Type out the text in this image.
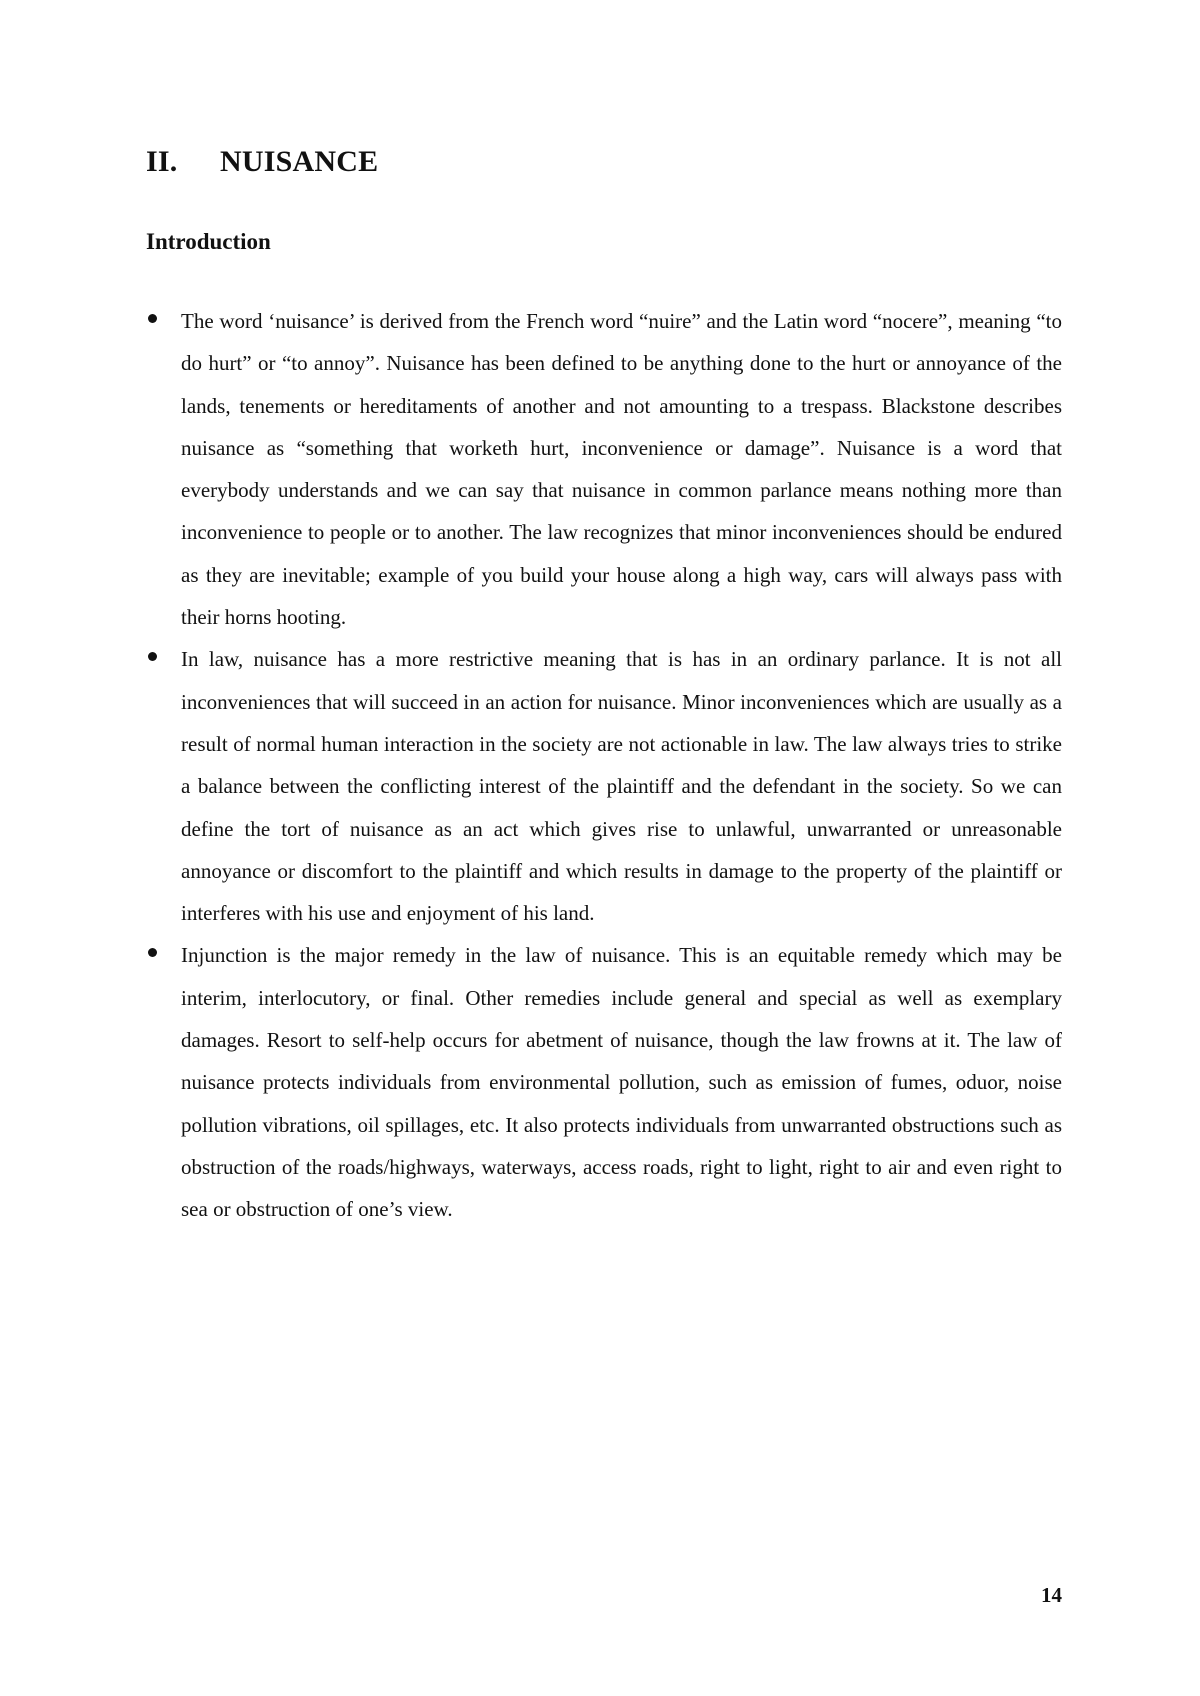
II. NUISANCE
Introduction
The word ‘nuisance’ is derived from the French word “nuire” and the Latin word “nocere”, meaning “to do hurt” or “to annoy”. Nuisance has been defined to be anything done to the hurt or annoyance of the lands, tenements or hereditaments of another and not amounting to a trespass. Blackstone describes nuisance as “something that worketh hurt, inconvenience or damage”. Nuisance is a word that everybody understands and we can say that nuisance in common parlance means nothing more than inconvenience to people or to another. The law recognizes that minor inconveniences should be endured as they are inevitable; example of you build your house along a high way, cars will always pass with their horns hooting.
In law, nuisance has a more restrictive meaning that is has in an ordinary parlance. It is not all inconveniences that will succeed in an action for nuisance. Minor inconveniences which are usually as a result of normal human interaction in the society are not actionable in law. The law always tries to strike a balance between the conflicting interest of the plaintiff and the defendant in the society. So we can define the tort of nuisance as an act which gives rise to unlawful, unwarranted or unreasonable annoyance or discomfort to the plaintiff and which results in damage to the property of the plaintiff or interferes with his use and enjoyment of his land.
Injunction is the major remedy in the law of nuisance. This is an equitable remedy which may be interim, interlocutory, or final. Other remedies include general and special as well as exemplary damages. Resort to self-help occurs for abetment of nuisance, though the law frowns at it. The law of nuisance protects individuals from environmental pollution, such as emission of fumes, oduor, noise pollution vibrations, oil spillages, etc. It also protects individuals from unwarranted obstructions such as obstruction of the roads/highways, waterways, access roads, right to light, right to air and even right to sea or obstruction of one’s view.
14
